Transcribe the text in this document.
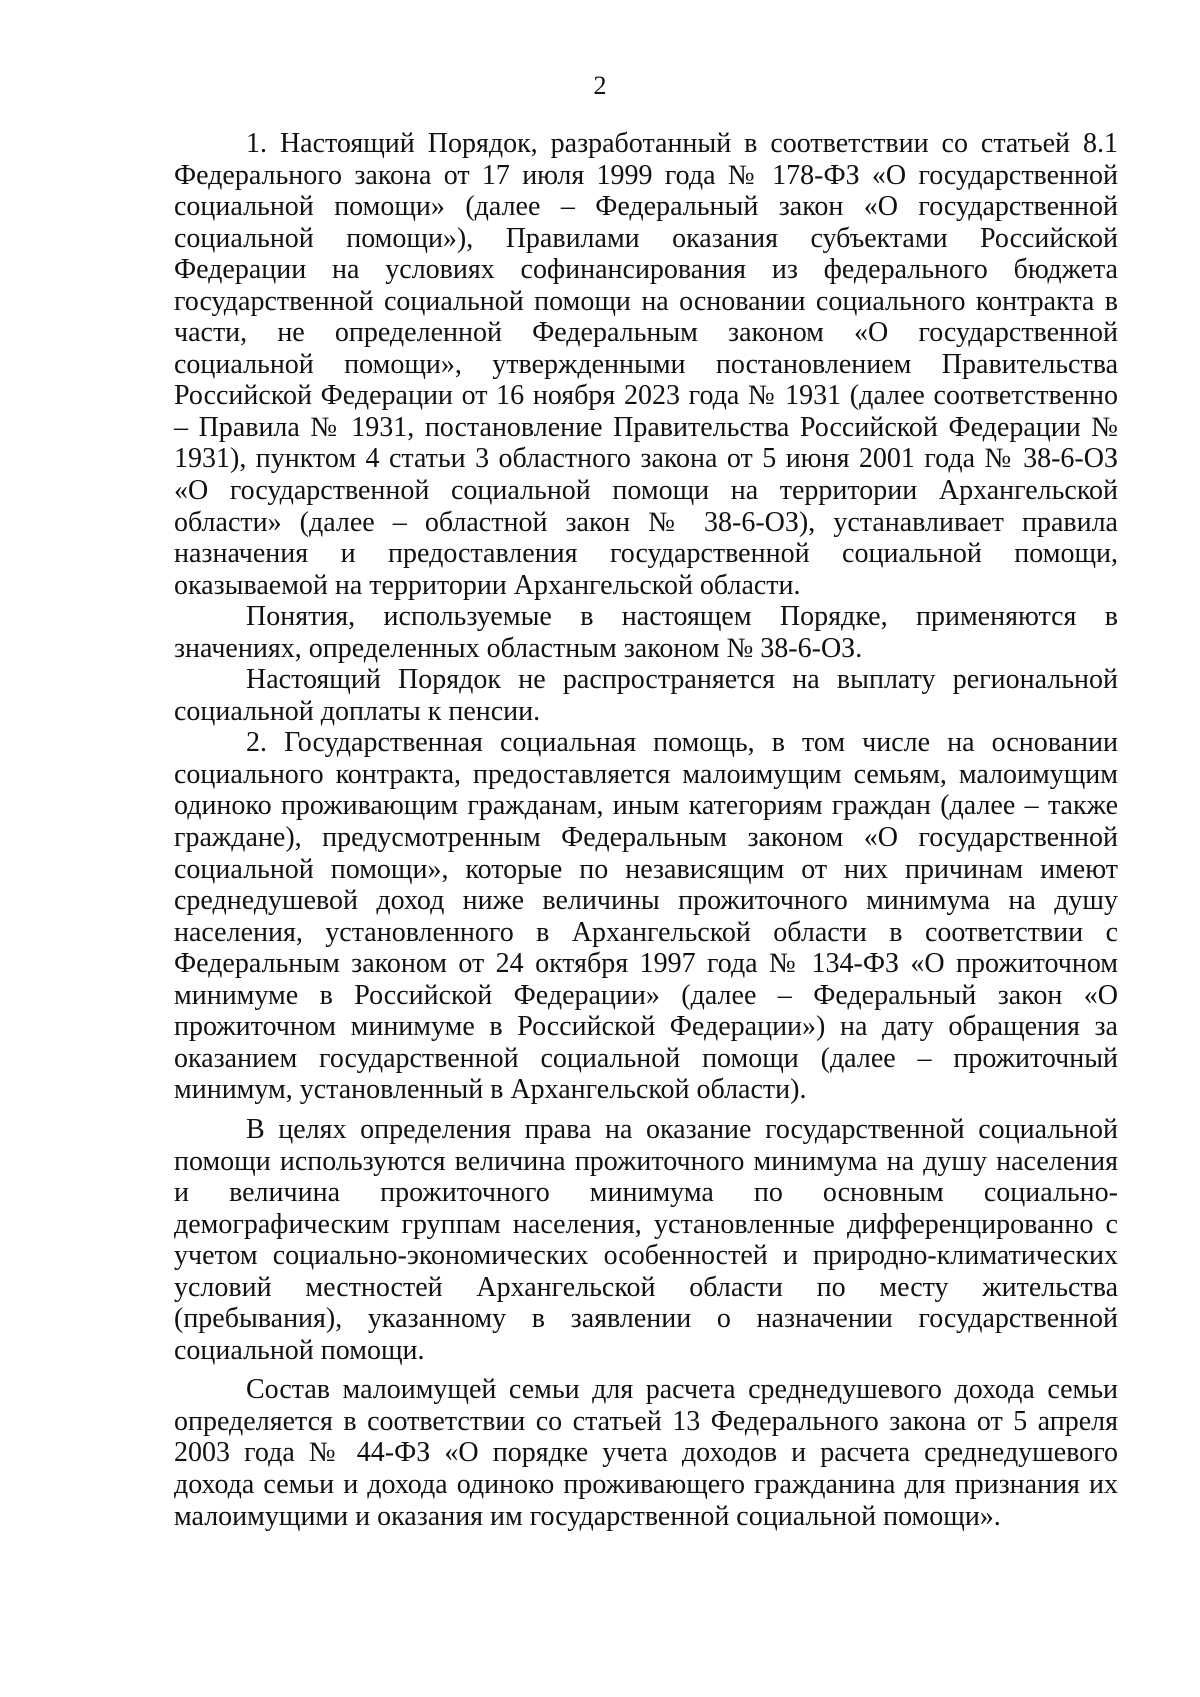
2

1. Настоящий Порядок, разработанный в соответствии со статьей 8.1 Федерального закона от 17 июля 1999 года № 178-ФЗ «О государственной социальной помощи» (далее – Федеральный закон «О государственной социальной помощи»), Правилами оказания субъектами Российской Федерации на условиях софинансирования из федерального бюджета государственной социальной помощи на основании социального контракта в части, не определенной Федеральным законом «О государственной социальной помощи», утвержденными постановлением Правительства Российской Федерации от 16 ноября 2023 года № 1931 (далее соответственно – Правила № 1931, постановление Правительства Российской Федерации № 1931), пунктом 4 статьи 3 областного закона от 5 июня 2001 года № 38-6-ОЗ «О государственной социальной помощи на территории Архангельской области» (далее – областной закон № 38-6-ОЗ), устанавливает правила назначения и предоставления государственной социальной помощи, оказываемой на территории Архангельской области.

Понятия, используемые в настоящем Порядке, применяются в значениях, определенных областным законом № 38-6-ОЗ.

Настоящий Порядок не распространяется на выплату региональной социальной доплаты к пенсии.

2. Государственная социальная помощь, в том числе на основании социального контракта, предоставляется малоимущим семьям, малоимущим одиноко проживающим гражданам, иным категориям граждан (далее – также граждане), предусмотренным Федеральным законом «О государственной социальной помощи», которые по независящим от них причинам имеют среднедушевой доход ниже величины прожиточного минимума на душу населения, установленного в Архангельской области в соответствии с Федеральным законом от 24 октября 1997 года № 134-ФЗ «О прожиточном минимуме в Российской Федерации» (далее – Федеральный закон «О прожиточном минимуме в Российской Федерации») на дату обращения за оказанием государственной социальной помощи (далее – прожиточный минимум, установленный в Архангельской области).

В целях определения права на оказание государственной социальной помощи используются величина прожиточного минимума на душу населения и величина прожиточного минимума по основным социально-демографическим группам населения, установленные дифференцированно с учетом социально-экономических особенностей и природно-климатических условий местностей Архангельской области по месту жительства (пребывания), указанному в заявлении о назначении государственной социальной помощи.

Состав малоимущей семьи для расчета среднедушевого дохода семьи определяется в соответствии со статьей 13 Федерального закона от 5 апреля 2003 года № 44-ФЗ «О порядке учета доходов и расчета среднедушевого дохода семьи и дохода одиноко проживающего гражданина для признания их малоимущими и оказания им государственной социальной помощи».
